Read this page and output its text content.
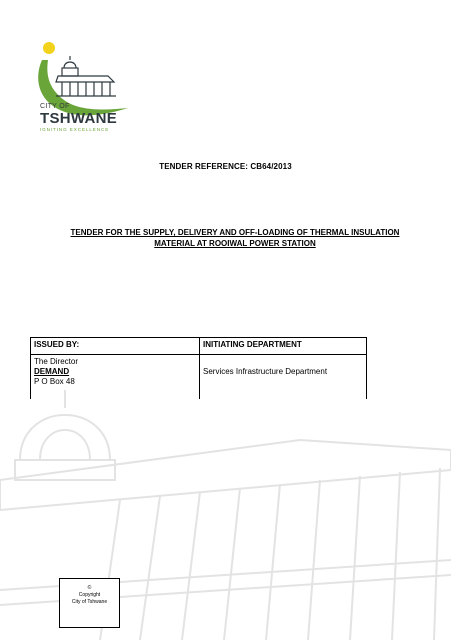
CITY OF
TSHWANE
IGNITING EXCELLENCE
TENDER REFERENCE: CB64/2013
TENDER FOR THE SUPPLY, DELIVERY AND OFF-LOADING OF THERMAL INSULATION
MATERIAL AT ROOIWAL POWER STATION
ISSUED BY:	INITIATING DEPARTMENT

The Director
DEMAND
P O Box 48	Services Infrastructure Department
©
Copyright
City of Tshwane
